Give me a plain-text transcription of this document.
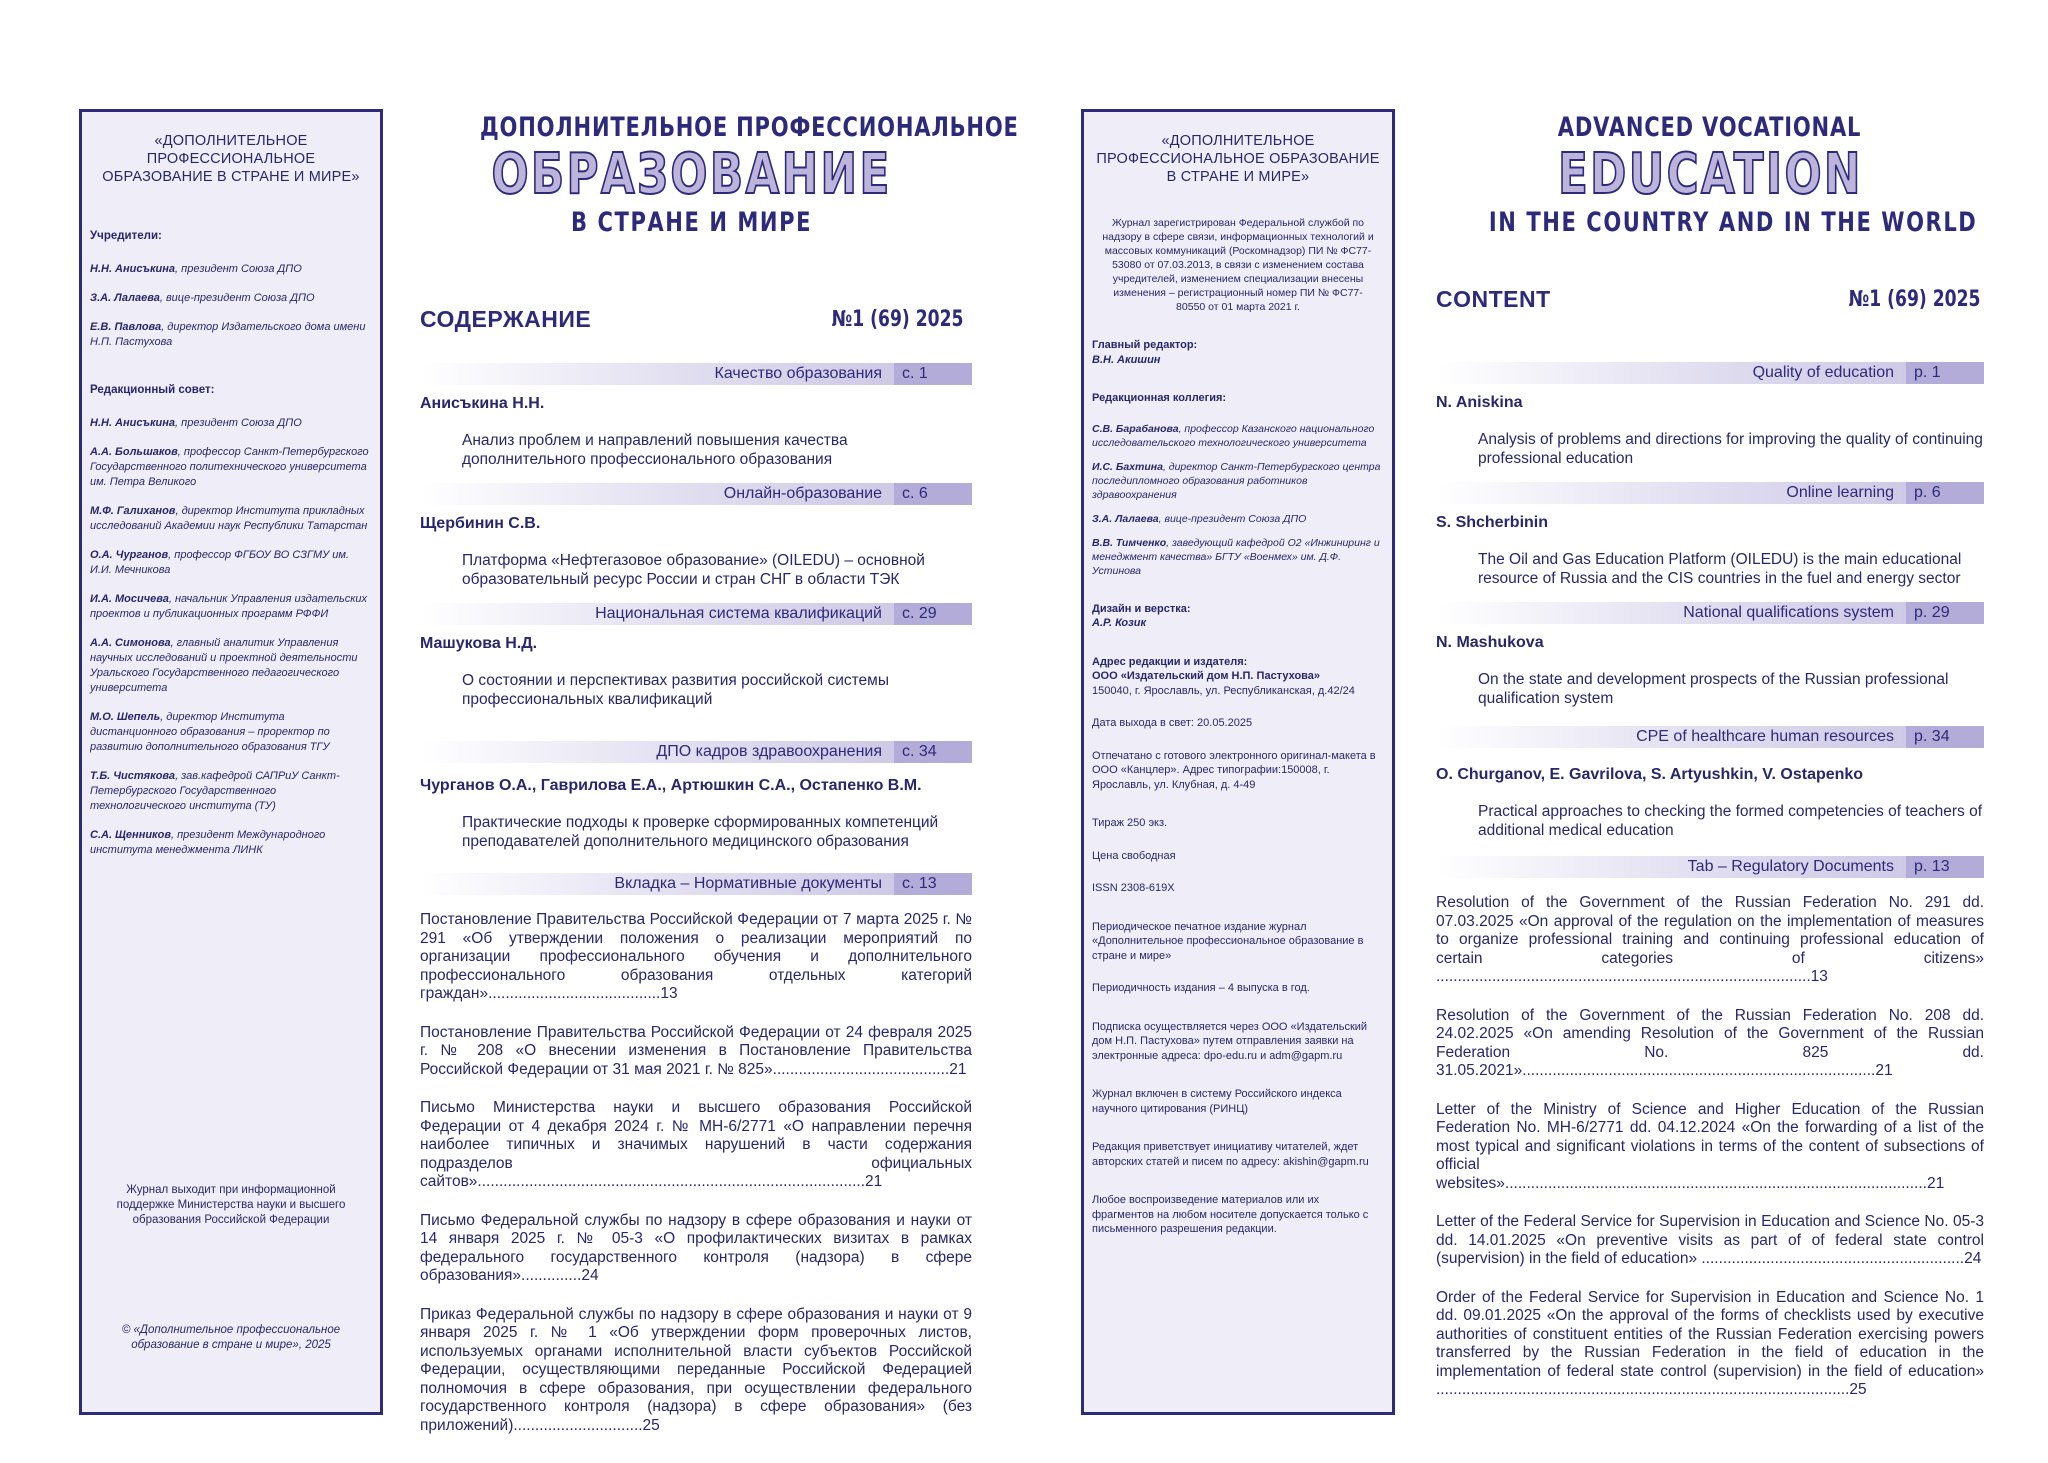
«ДОПОЛНИТЕЛЬНОЕ ПРОФЕССИОНАЛЬНОЕ ОБРАЗОВАНИЕ В СТРАНЕ И МИРЕ»
Учредители:
Н.Н. Анисъкина, президент Союза ДПО
З.А. Лалаева, вице-президент Союза ДПО
Е.В. Павлова, директор Издательского дома имени Н.П. Пастухова
Редакционный совет:
Н.Н. Анисъкина, президент Союза ДПО
А.А. Большаков, профессор Санкт-Петербургского Государственного политехнического университета им. Петра Великого
М.Ф. Галиханов, директор Института прикладных исследований Академии наук Республики Татарстан
О.А. Чурганов, профессор ФГБОУ ВО СЗГМУ им. И.И. Мечникова
И.А. Мосичева, начальник Управления издательских проектов и публикационных программ РФФИ
А.А. Симонова, главный аналитик Управления научных исследований и проектной деятельности Уральского Государственного педагогического университета
М.О. Шепель, директор Института дистанционного образования – проректор по развитию дополнительного образования ТГУ
Т.Б. Чистякова, зав.кафедрой САПРиУ Санкт-Петербургского Государственного технологического института (ТУ)
С.А. Щенников, президент Международного института менеджмента ЛИНК
Журнал выходит при информационной поддержке Министерства науки и высшего образования Российской Федерации
© «Дополнительное профессиональное образование в стране и мире», 2025
ДОПОЛНИТЕЛЬНОЕ ПРОФЕССИОНАЛЬНОЕ
ОБРАЗОВАНИЕ
В СТРАНЕ И МИРЕ
СОДЕРЖАНИЕ	№1 (69) 2025
Качество образования	с. 1
Анисъкина Н.Н.
Анализ проблем и направлений повышения качества дополнительного профессионального образования
Онлайн-образование	с. 6
Щербинин С.В.
Платформа «Нефтегазовое образование» (OILEDU) – основной образовательный ресурс России и стран СНГ в области ТЭК
Национальная система квалификаций	с. 29
Машукова Н.Д.
О состоянии и перспективах развития российской системы профессиональных квалификаций
ДПО кадров здравоохранения	с. 34
Чурганов О.А., Гаврилова Е.А., Артюшкин С.А., Остапенко В.М.
Практические подходы к проверке сформированных компетенций преподавателей дополнительного медицинского образования
Вкладка – Нормативные документы	с. 13
Постановление Правительства Российской Федерации от 7 марта 2025 г. № 291 «Об утверждении положения о реализации мероприятий по организации профессионального обучения и дополнительного профессионального образования отдельных категорий граждан»........................................13
Постановление Правительства Российской Федерации от 24 февраля 2025 г. № 208 «О внесении изменения в Постановление Правительства Российской Федерации от 31 мая 2021 г. № 825».........................................21
Письмо Министерства науки и высшего образования Российской Федерации от 4 декабря 2024 г. № МН-6/2771 «О направлении перечня наиболее типичных и значимых нарушений в части содержания подразделов официальных сайтов»..........................................................................................21
Письмо Федеральной службы по надзору в сфере образования и науки от 14 января 2025 г. № 05-3 «О профилактических визитах в рамках федерального государственного контроля (надзора) в сфере образования»..............24
Приказ Федеральной службы по надзору в сфере образования и науки от 9 января 2025 г. № 1 «Об утверждении форм проверочных листов, используемых органами исполнительной власти субъектов Российской Федерации, осуществляющими переданные Российской Федерацией полномочия в сфере образования, при осуществлении федерального государственного контроля (надзора) в сфере образования» (без приложений)..............................25
«ДОПОЛНИТЕЛЬНОЕ ПРОФЕССИОНАЛЬНОЕ ОБРАЗОВАНИЕ В СТРАНЕ И МИРЕ»
Журнал зарегистрирован Федеральной службой по надзору в сфере связи, информационных технологий и массовых коммуникаций (Роскомнадзор) ПИ № ФС77-53080 от 07.03.2013, в связи с изменением состава учредителей, изменением специализации внесены изменения – регистрационный номер ПИ № ФС77-80550 от 01 марта 2021 г.
Главный редактор:
В.Н. Акишин
Редакционная коллегия:
С.В. Барабанова, профессор Казанского национального исследовательского технологического университета
И.С. Бахтина, директор Санкт-Петербургского центра последипломного образования работников здравоохранения
З.А. Лалаева, вице-президент Союза ДПО
В.В. Тимченко, заведующий кафедрой О2 «Инжиниринг и менеджмент качества» БГТУ «Военмех» им. Д.Ф. Устинова
Дизайн и верстка:
А.Р. Козик
Адрес редакции и издателя:
ООО «Издательский дом Н.П. Пастухова»
150040, г. Ярославль, ул. Республиканская, д.42/24
Дата выхода в свет: 20.05.2025
Отпечатано с готового электронного оригинал-макета в ООО «Канцлер». Адрес типографии:150008, г. Ярославль, ул. Клубная, д. 4-49
Тираж 250 экз.
Цена свободная
ISSN 2308-619X
Периодическое печатное издание журнал «Дополнительное профессиональное образование в стране и мире»
Периодичность издания – 4 выпуска в год.
Подписка осуществляется через ООО «Издательский дом Н.П. Пастухова» путем отправления заявки на электронные адреса: dpo-edu.ru и adm@gapm.ru
Журнал включен в систему Российского индекса научного цитирования (РИНЦ)
Редакция приветствует инициативу читателей, ждет авторских статей и писем по адресу: akishin@gapm.ru
Любое воспроизведение материалов или их фрагментов на любом носителе допускается только с письменного разрешения редакции.
ADVANCED VOCATIONAL
EDUCATION
IN THE COUNTRY AND IN THE WORLD
CONTENT	№1 (69) 2025
Quality of education	p. 1
N. Aniskina
Analysis of problems and directions for improving the quality of continuing professional education
Online learning	p. 6
S. Shcherbinin
The Oil and Gas Education Platform (OILEDU) is the main educational resource of Russia and the CIS countries in the fuel and energy sector
National qualifications system	p. 29
N. Mashukova
On the state and development prospects of the Russian professional qualification system
CPE of healthcare human resources	p. 34
O. Churganov, E. Gavrilova, S. Artyushkin, V. Ostapenko
Practical approaches to checking the formed competencies of teachers of additional medical education
Tab – Regulatory Documents	p. 13
Resolution of the Government of the Russian Federation No. 291 dd. 07.03.2025 «On approval of the regulation on the implementation of measures to organize professional training and continuing professional education of certain categories of citizens» .......................................................................................13
Resolution of the Government of the Russian Federation No. 208 dd. 24.02.2025 «On amending Resolution of the Government of the Russian Federation No. 825 dd. 31.05.2021»..................................................................................21
Letter of the Ministry of Science and Higher Education of the Russian Federation No. MH-6/2771 dd. 04.12.2024 «On the forwarding of a list of the most typical and significant violations in terms of the content of subsections of official websites»..................................................................................................21
Letter of the Federal Service for Supervision in Education and Science No. 05-3 dd. 14.01.2025 «On preventive visits as part of of federal state control (supervision) in the field of education» .............................................................24
Order of the Federal Service for Supervision in Education and Science No. 1 dd. 09.01.2025 «On the approval of the forms of checklists used by executive authorities of constituent entities of the Russian Federation exercising powers transferred by the Russian Federation in the field of education in the implementation of federal state control (supervision) in the field of education» ................................................................................................25
